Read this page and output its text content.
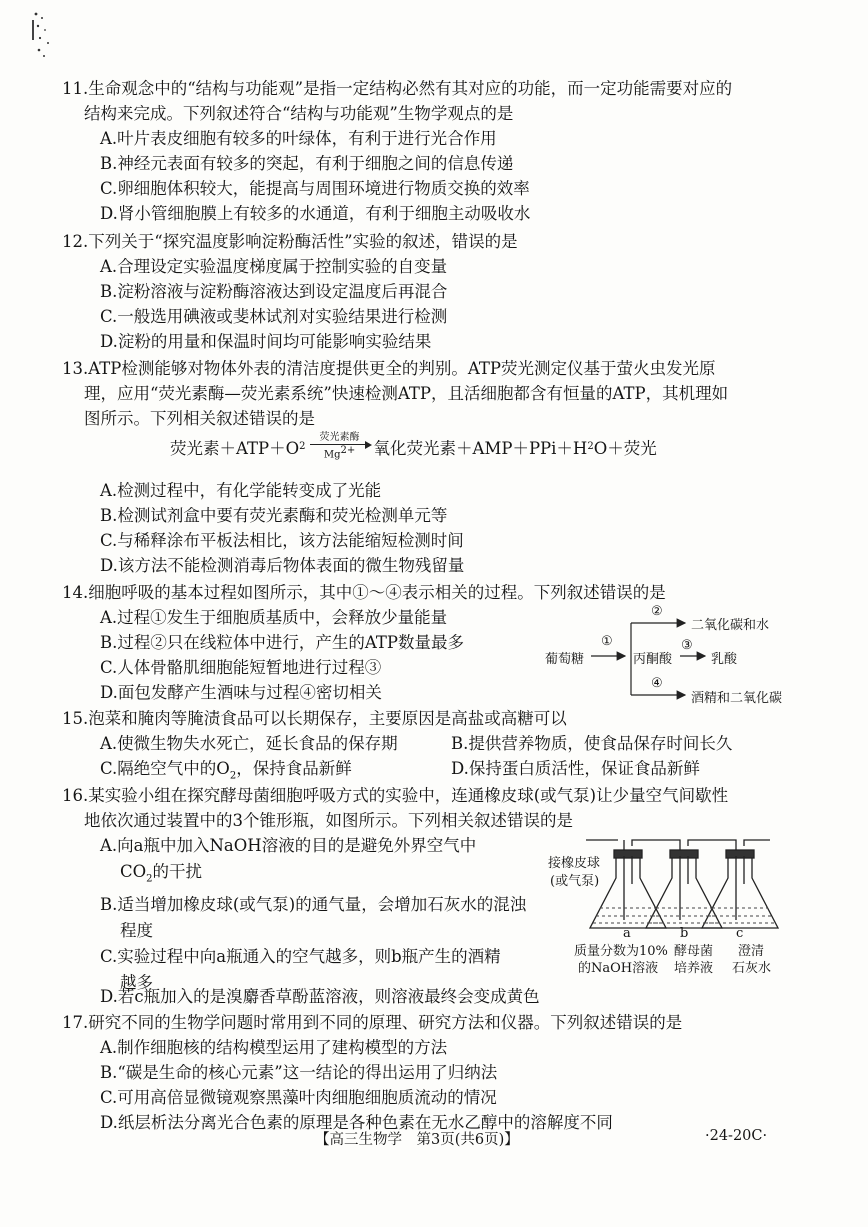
11.生命观念中的“结构与功能观”是指一定结构必然有其对应的功能，而一定功能需要对应的
结构来完成。下列叙述符合“结构与功能观”生物学观点的是

A.叶片表皮细胞有较多的叶绿体，有利于进行光合作用

B.神经元表面有较多的突起，有利于细胞之间的信息传递

C.卵细胞体积较大，能提高与周围环境进行物质交换的效率

D.肾小管细胞膜上有较多的水通道，有利于细胞主动吸收水

12.下列关于“探究温度影响淀粉酶活性”实验的叙述，错误的是

A.合理设定实验温度梯度属于控制实验的自变量

B.淀粉溶液与淀粉酶溶液达到设定温度后再混合

C.一般选用碘液或斐林试剂对实验结果进行检测

D.淀粉的用量和保温时间均可能影响实验结果

13.ATP检测能够对物体外表的清洁度提供更全的判别。ATP荧光测定仪基于萤火虫发光原
理，应用“荧光素酶—荧光素系统”快速检测ATP，且活细胞都含有恒量的ATP，其机理如
图所示。下列相关叙述错误的是

荧光素＋ATP＋O 2
荧光素酶
$Mg^{2+}$ 氧化荧光素＋AMP＋PPi＋H 2 O＋荧光

A.检测过程中，有化学能转变成了光能

B.检测试剂盒中要有荧光素酶和荧光检测单元等

C.与稀释涂布平板法相比，该方法能缩短检测时间

D.该方法不能检测消毒后物体表面的微生物残留量

14.细胞呼吸的基本过程如图所示，其中①～④表示相关的过程。下列叙述错误的是

A.过程①发生于细胞质基质中，会释放少量能量

B.过程②只在线粒体中进行，产生的ATP数量最多

C.人体骨骼肌细胞能短暂地进行过程③

D.面包发酵产生酒味与过程④密切相关

葡萄糖
①
丙酮酸
②
二氧化碳和水
③
乳酸
④
酒精和二氧化碳

15.泡菜和腌肉等腌渍食品可以长期保存，主要原因是高盐或高糖可以

A.使微生物失水死亡，延长食品的保存期	B.提供营养物质，使食品保存时间长久
C.隔绝空气中的$O_2$，保持食品新鲜	D.保持蛋白质活性，保证食品新鲜

16.某实验小组在探究酵母菌细胞呼吸方式的实验中，连通橡皮球(或气泵)让少量空气间歇性
地依次通过装置中的3个锥形瓶，如图所示。下列相关叙述错误的是

A.向a瓶中加入NaOH溶液的目的是避免外界空气中
$CO_2$的干扰

B.适当增加橡皮球(或气泵)的通气量，会增加石灰水的混浊
程度

C.实验过程中向a瓶通入的空气越多，则b瓶产生的酒精
越多

D.若c瓶加入的是溴麝香草酚蓝溶液，则溶液最终会变成黄色

接橡皮球
(或气泵)
a	b	c
质量分数为10%
的NaOH溶液
酵母菌
培养液
澄清
石灰水

17.研究不同的生物学问题时常用到不同的原理、研究方法和仪器。下列叙述错误的是

A.制作细胞核的结构模型运用了建构模型的方法

B.“碳是生命的核心元素”这一结论的得出运用了归纳法

C.可用高倍显微镜观察黑藻叶肉细胞细胞质流动的情况

D.纸层析法分离光合色素的原理是各种色素在无水乙醇中的溶解度不同

【高三生物学　第3页(共6页)】	·24-20C·
